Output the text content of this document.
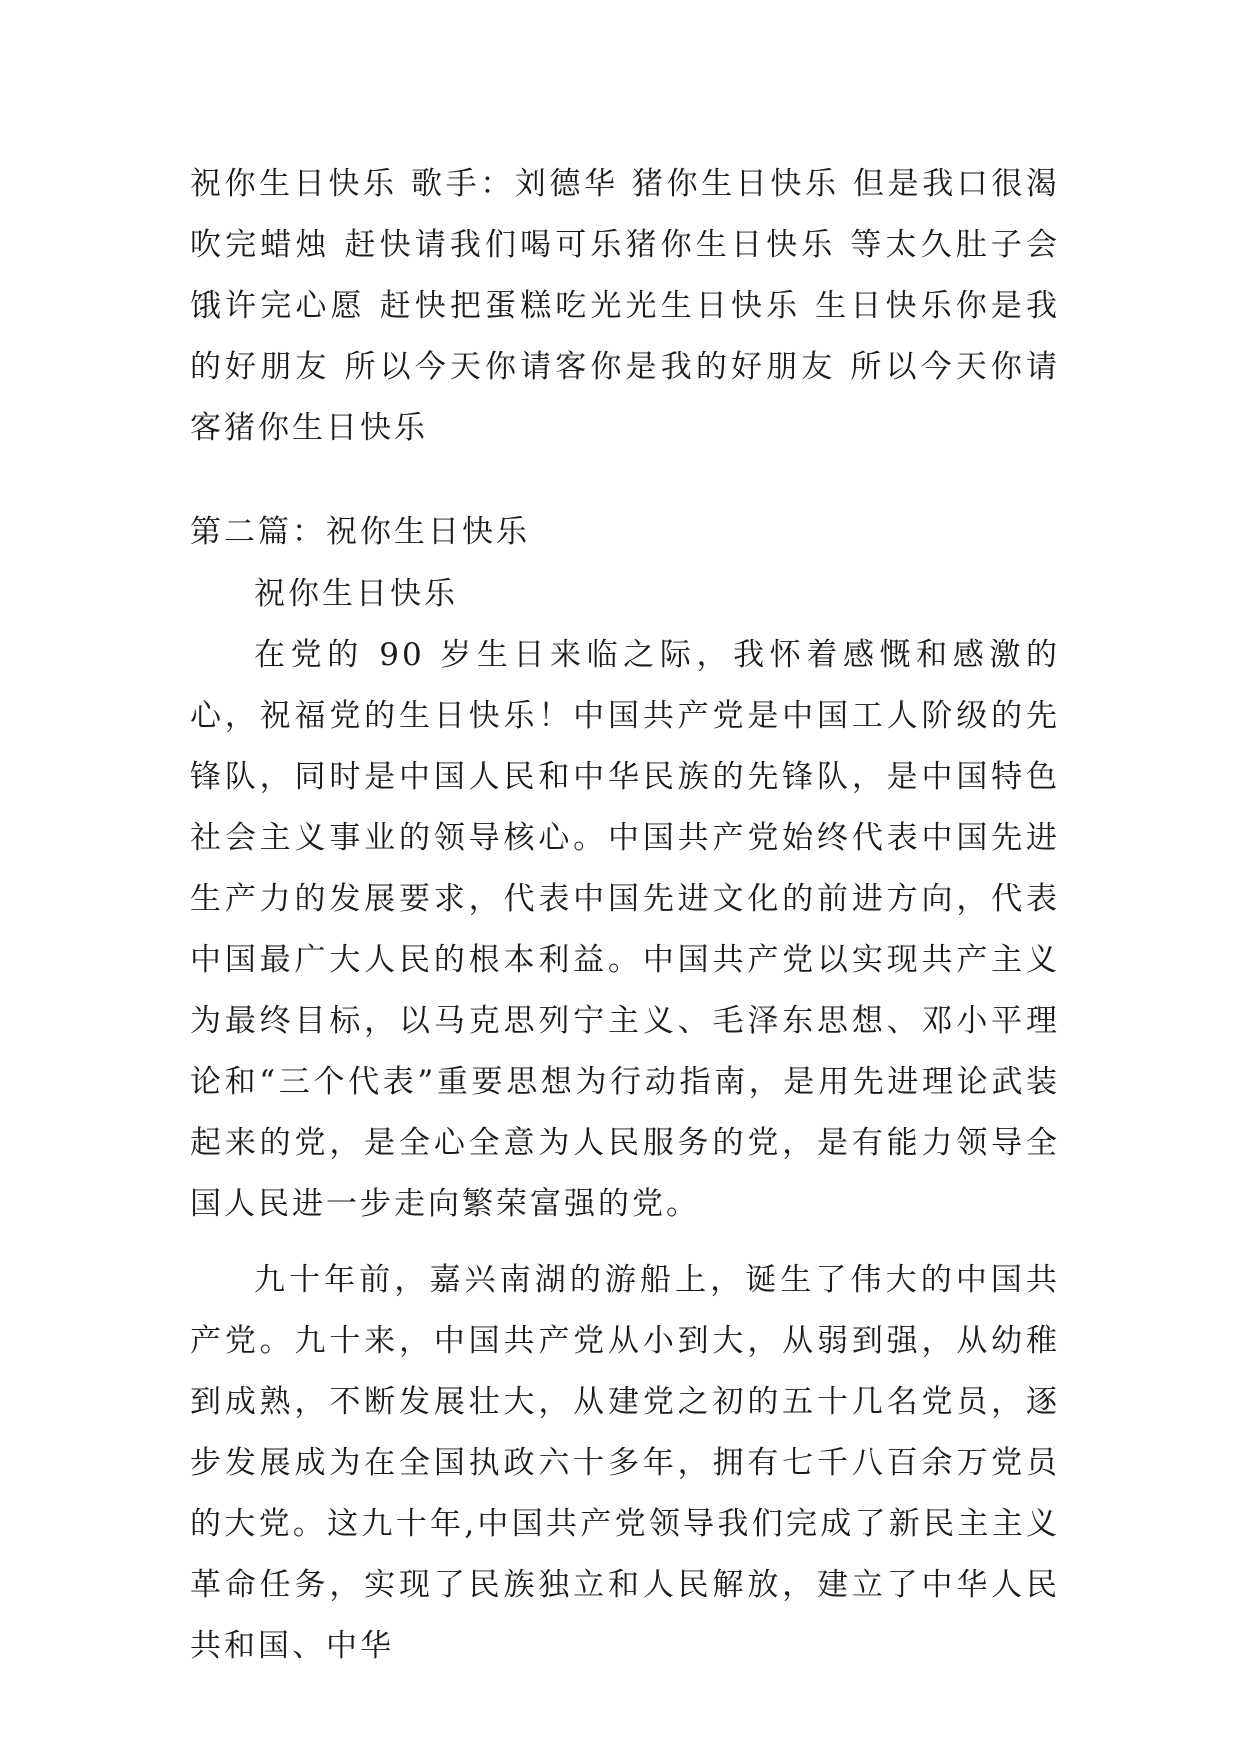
祝你生日快乐 歌手：刘德华 猪你生日快乐 但是我口很渴 吹完蜡烛 赶快请我们喝可乐猪你生日快乐 等太久肚子会饿许完心愿 赶快把蛋糕吃光光生日快乐 生日快乐你是我的好朋友 所以今天你请客你是我的好朋友 所以今天你请客猪你生日快乐

第二篇：祝你生日快乐

祝你生日快乐

在党的 90 岁生日来临之际，我怀着感慨和感激的心，祝福党的生日快乐！中国共产党是中国工人阶级的先锋队，同时是中国人民和中华民族的先锋队，是中国特色社会主义事业的领导核心。中国共产党始终代表中国先进生产力的发展要求，代表中国先进文化的前进方向，代表中国最广大人民的根本利益。中国共产党以实现共产主义为最终目标，以马克思列宁主义、毛泽东思想、邓小平理论和“三个代表”重要思想为行动指南，是用先进理论武装起来的党，是全心全意为人民服务的党，是有能力领导全国人民进一步走向繁荣富强的党。

九十年前，嘉兴南湖的游船上，诞生了伟大的中国共产党。九十来，中国共产党从小到大，从弱到强，从幼稚到成熟，不断发展壮大，从建党之初的五十几名党员，逐步发展成为在全国执政六十多年，拥有七千八百余万党员的大党。这九十年,中国共产党领导我们完成了新民主主义革命任务，实现了民族独立和人民解放，建立了中华人民共和国、中华
